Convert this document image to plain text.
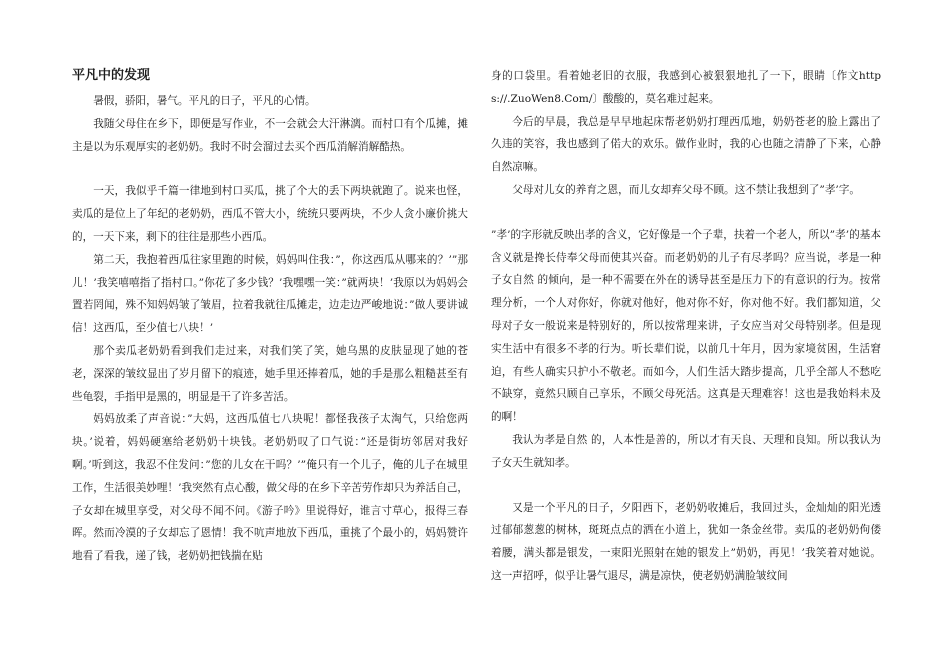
平凡中的发现

暑假，骄阳，暑气。平凡的日子，平凡的心情。

我随父母住在乡下，即便是写作业，不一会就会大汗淋漓。而村口有个瓜摊，摊主是以为乐观厚实的老奶奶。我时不时会溜过去买个西瓜消解消解酷热。

一天，我似乎千篇一律地到村口买瓜，挑了个大的丢下两块就跑了。说来也怪，卖瓜的是位上了年纪的老奶奶，西瓜不管大小，统统只要两块，不少人贪小廉价挑大的，一天下来，剩下的往往是那些小西瓜。

第二天，我抱着西瓜往家里跑的时候，妈妈叫住我：”，你这西瓜从哪来的？’”那儿！’我笑嘻嘻指了指村口。”你花了多少钱？’我嘿嘿一笑：”就两块！’我原以为妈妈会置若罔闻，殊不知妈妈皱了皱眉，拉着我就往瓜摊走，边走边严峻地说：”做人要讲诚信！这西瓜，至少值七八块！’

那个卖瓜老奶奶看到我们走过来，对我们笑了笑，她乌黑的皮肤显现了她的苍老，深深的皱纹显出了岁月留下的痕迹，她手里还捧着瓜，她的手是那么粗糙甚至有些龟裂，手指甲是黑的，明显是干了许多苦活。

妈妈放柔了声音说：”大妈，这西瓜值七八块呢！都怪我孩子太淘气，只给您两块。’说着，妈妈硬塞给老奶奶十块钱。老奶奶叹了口气说：”还是街坊邻居对我好啊。’听到这，我忍不住发问：”您的儿女在干吗？’”俺只有一个儿子，俺的儿子在城里工作，生活很美妙哩！’我突然有点心酸，做父母的在乡下辛苦劳作却只为养活自己，子女却在城里享受，对父母不闻不问。《游子吟》里说得好，谁言寸草心，报得三春晖。然而冷漠的子女却忘了恩情！我不吭声地放下西瓜，重挑了个最小的，妈妈赞许地看了看我，递了钱，老奶奶把钱揣在贴

身的口袋里。看着她老旧的衣服，我感到心被狠狠地扎了一下，眼睛〔作文https://.ZuoWen8.Com/〕酸酸的，莫名难过起来。

今后的早晨，我总是早早地起床帮老奶奶打理西瓜地，奶奶苍老的脸上露出了久违的笑容，我也感到了偌大的欢乐。做作业时，我的心也随之清静了下来，心静自然凉嘛。

父母对儿女的养育之恩，而儿女却弃父母不顾。这不禁让我想到了”孝’字。

”孝’的字形就反映出孝的含义，它好像是一个子辈，扶着一个老人，所以”孝’的基本含义就是搀长侍奉父母而使其兴奋。而老奶奶的儿子有尽孝吗？应当说，孝是一种子女自然 的倾向，是一种不需要在外在的诱导甚至是压力下的有意识的行为。按常理分析，一个人对你好，你就对他好，他对你不好，你对他不好。我们都知道，父母对子女一般说来是特别好的，所以按常理来讲，子女应当对父母特别孝。但是现实生活中有很多不孝的行为。听长辈们说，以前几十年月，因为家境贫困，生活窘迫，有些人确实只护小不敬老。而如今，人们生活大踏步提高，几乎全部人不愁吃不缺穿，竟然只顾自己享乐，不顾父母死活。这真是天理难容！这也是我始料未及的啊！

我认为孝是自然 的，人本性是善的，所以才有天良、天理和良知。所以我认为子女天生就知孝。

又是一个平凡的日子，夕阳西下，老奶奶收摊后，我回过头，金灿灿的阳光透过郁郁葱葱的树林，斑斑点点的洒在小道上，犹如一条金丝带。卖瓜的老奶奶佝偻着腰，满头都是银发，一束阳光照射在她的银发上”奶奶，再见！’我笑着对她说。这一声招呼，似乎让暑气退尽，满是凉快，使老奶奶满脸皱纹间
